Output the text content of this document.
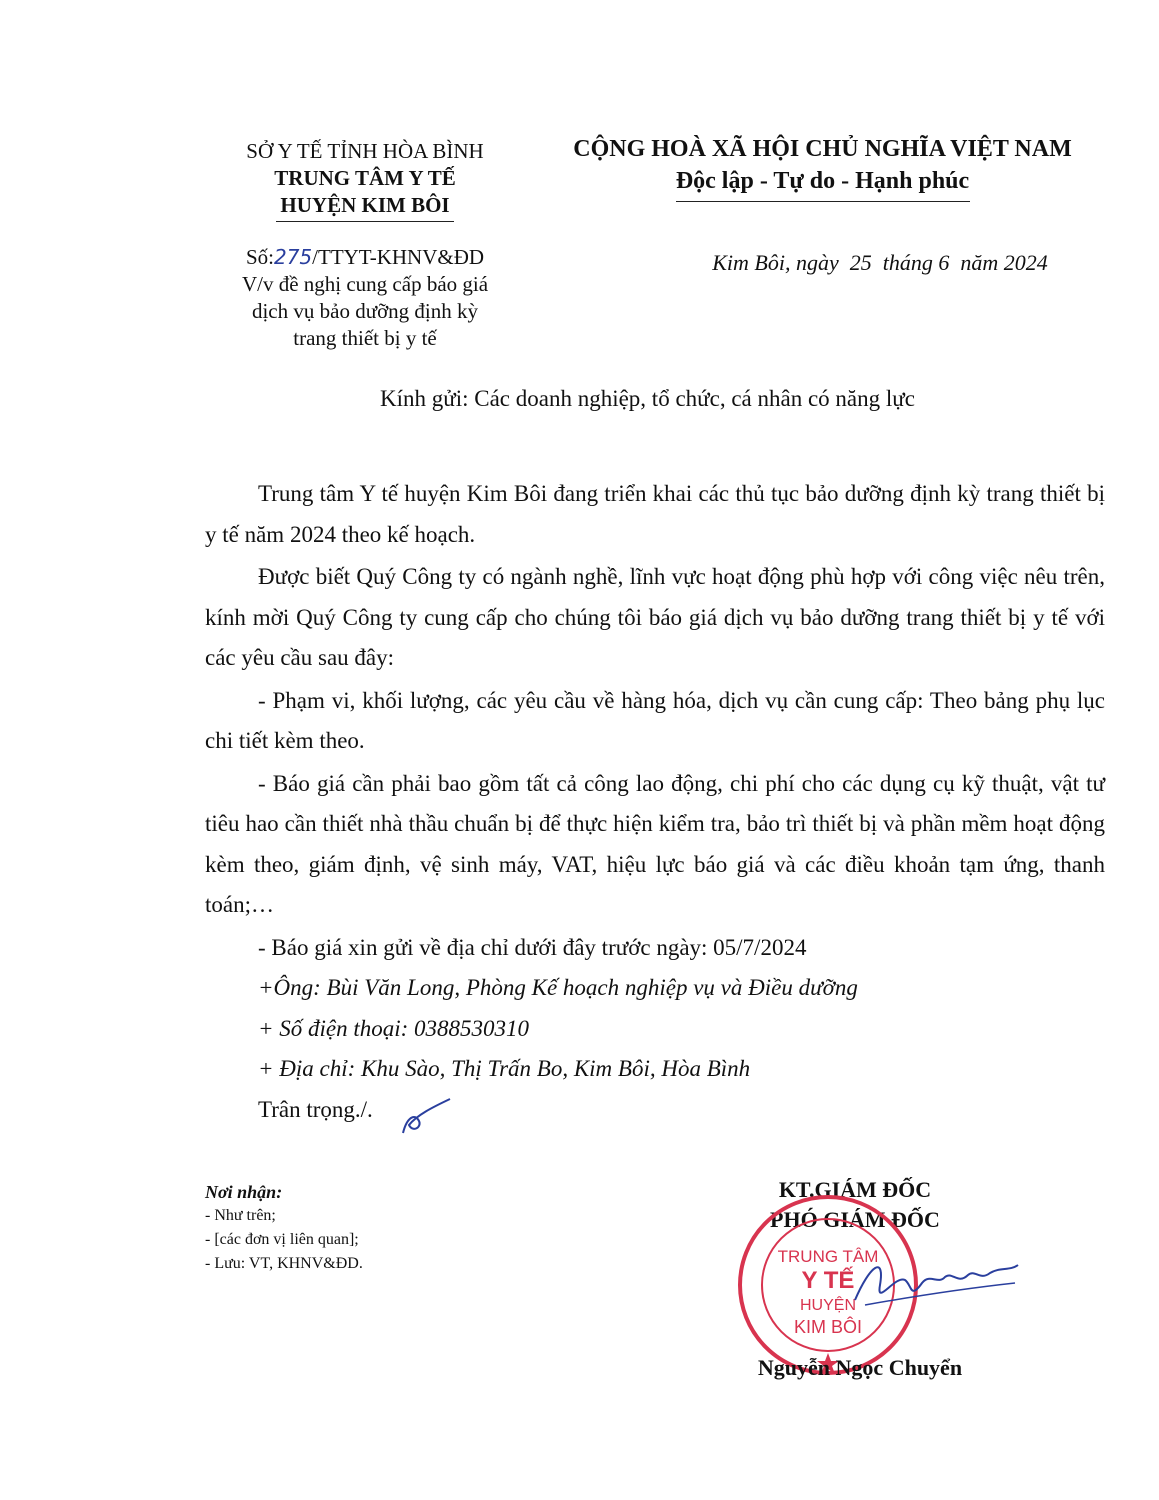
SỞ Y TẾ TỈNH HÒA BÌNH
TRUNG TÂM Y TẾ
HUYỆN KIM BÔI
CỘNG HOÀ XÃ HỘI CHỦ NGHĨA VIỆT NAM
Độc lập - Tự do - Hạnh phúc
Số:275/TTYT-KHNV&ĐD
V/v đề nghị cung cấp báo giá
dịch vụ bảo dưỡng định kỳ
trang thiết bị y tế
Kim Bôi, ngày  25  tháng 6  năm 2024
Kính gửi: Các doanh nghiệp, tổ chức, cá nhân có năng lực

Trung tâm Y tế huyện Kim Bôi đang triển khai các thủ tục bảo dưỡng định kỳ trang thiết bị y tế năm 2024 theo kế hoạch.

Được biết Quý Công ty có ngành nghề, lĩnh vực hoạt động phù hợp với công việc nêu trên, kính mời Quý Công ty cung cấp cho chúng tôi báo giá dịch vụ bảo dưỡng trang thiết bị y tế với các yêu cầu sau đây:

- Phạm vi, khối lượng, các yêu cầu về hàng hóa, dịch vụ cần cung cấp: Theo bảng phụ lục chi tiết kèm theo.

- Báo giá cần phải bao gồm tất cả công lao động, chi phí cho các dụng cụ kỹ thuật, vật tư tiêu hao cần thiết nhà thầu chuẩn bị để thực hiện kiểm tra, bảo trì thiết bị và phần mềm hoạt động kèm theo, giám định, vệ sinh máy, VAT, hiệu lực báo giá và các điều khoản tạm ứng, thanh toán;…

- Báo giá xin gửi về địa chỉ dưới đây trước ngày: 05/7/2024

+Ông: Bùi Văn Long, Phòng Kế hoạch nghiệp vụ và Điều dưỡng

+ Số điện thoại: 0388530310

+ Địa chỉ: Khu Sào, Thị Trấn Bo, Kim Bôi, Hòa Bình

Trân trọng./.

Nơi nhận:
- Như trên;
- [các đơn vị liên quan];
- Lưu: VT, KHNV&ĐD.
KT.GIÁM ĐỐC
PHÓ GIÁM ĐỐC
TRUNG TÂM
Y TẾ
HUYỆN
KIM BÔI
Nguyễn Ngọc Chuyển
